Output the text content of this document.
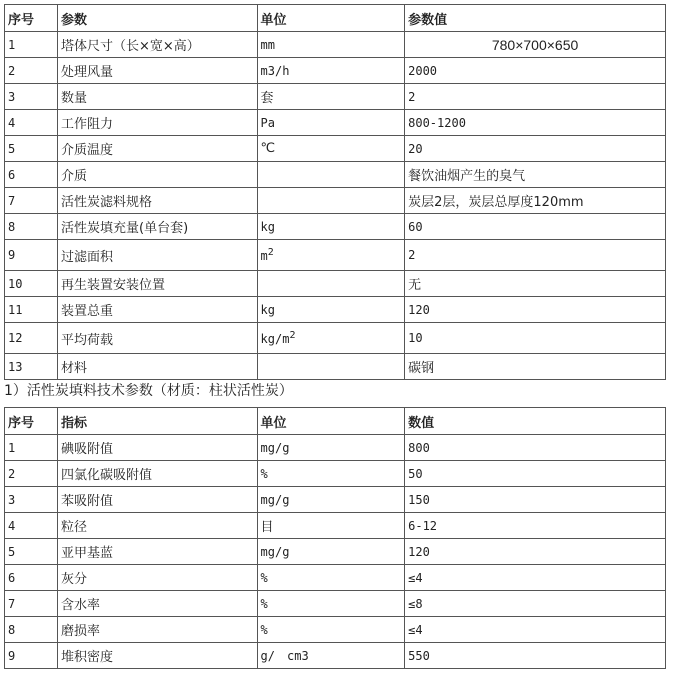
序号	参数	单位	参数值
1	塔体尺寸（长×宽×高）	mm	780×700×650
2	处理风量	m3/h	2000
3	数量	套	2
4	工作阻力	Pa	800-1200
5	介质温度	℃	20
6	介质		餐饮油烟产生的臭气
7	活性炭滤料规格		炭层2层，炭层总厚度120mm
8	活性炭填充量(单台套)	kg	60
9	过滤面积	$m^2$	2
10	再生装置安装位置		无
11	装置总重	kg	120
12	平均荷载	$kg/m^2$	10
13	材料		碳钢
1）活性炭填料技术参数（材质：柱状活性炭）
序号	指标	单位	数值
1	碘吸附值	mg/g	800
2	四氯化碳吸附值	%	50
3	苯吸附值	mg/g	150
4	粒径	目	6-12
5	亚甲基蓝	mg/g	120
6	灰分	%	≤4
7	含水率	%	≤8
8	磨损率	%	≤4
9	堆积密度	g/　cm3	550
